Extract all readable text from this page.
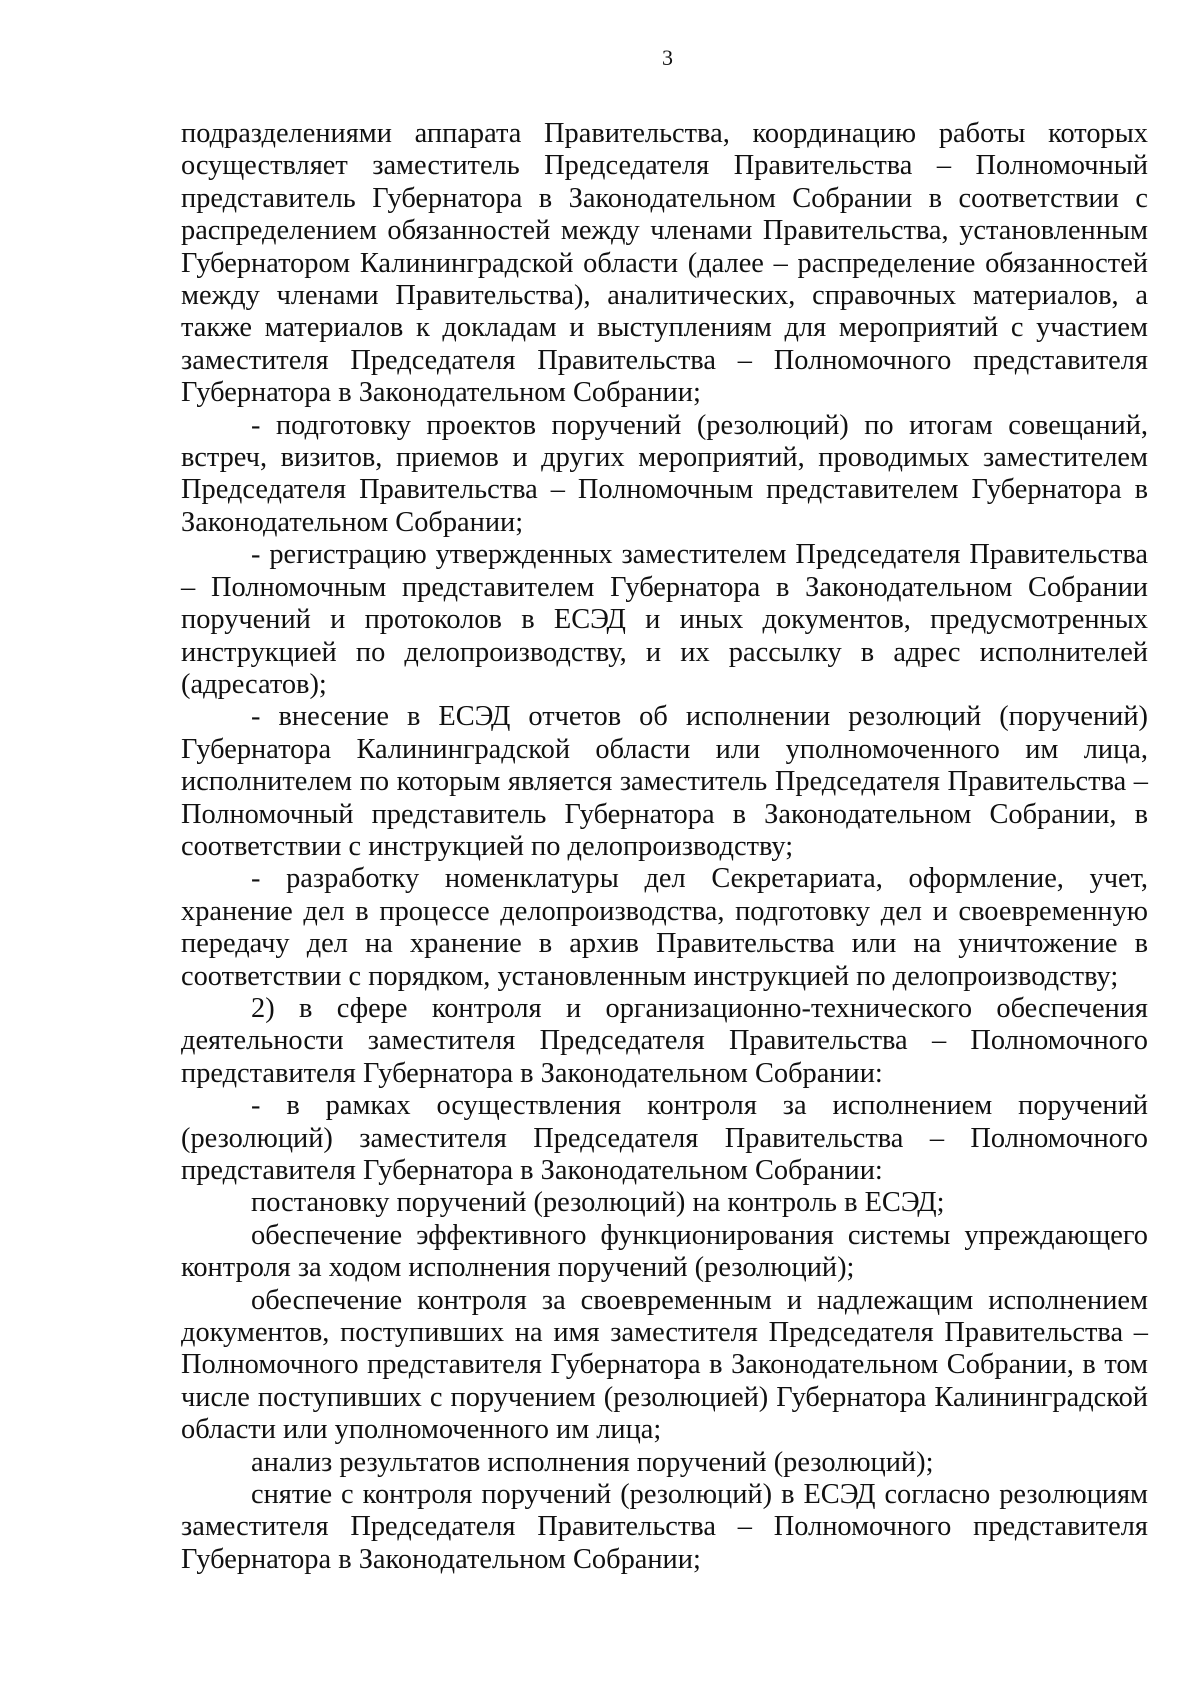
3

подразделениями аппарата Правительства, координацию работы которых осуществляет заместитель Председателя Правительства – Полномочный представитель Губернатора в Законодательном Собрании в соответствии с распределением обязанностей между членами Правительства, установленным Губернатором Калининградской области (далее – распределение обязанностей между членами Правительства), аналитических, справочных материалов, а также материалов к докладам и выступлениям для мероприятий с участием заместителя Председателя Правительства – Полномочного представителя Губернатора в Законодательном Собрании;

- подготовку проектов поручений (резолюций) по итогам совещаний, встреч, визитов, приемов и других мероприятий, проводимых заместителем Председателя Правительства – Полномочным представителем Губернатора в Законодательном Собрании;

- регистрацию утвержденных заместителем Председателя Правительства – Полномочным представителем Губернатора в Законодательном Собрании поручений и протоколов в ЕСЭД и иных документов, предусмотренных инструкцией по делопроизводству, и их рассылку в адрес исполнителей (адресатов);

- внесение в ЕСЭД отчетов об исполнении резолюций (поручений) Губернатора Калининградской области или уполномоченного им лица, исполнителем по которым является заместитель Председателя Правительства – Полномочный представитель Губернатора в Законодательном Собрании, в соответствии с инструкцией по делопроизводству;

- разработку номенклатуры дел Секретариата, оформление, учет, хранение дел в процессе делопроизводства, подготовку дел и своевременную передачу дел на хранение в архив Правительства или на уничтожение в соответствии с порядком, установленным инструкцией по делопроизводству;

2) в сфере контроля и организационно-технического обеспечения деятельности заместителя Председателя Правительства – Полномочного представителя Губернатора в Законодательном Собрании:

- в рамках осуществления контроля за исполнением поручений (резолюций) заместителя Председателя Правительства – Полномочного представителя Губернатора в Законодательном Собрании:

постановку поручений (резолюций) на контроль в ЕСЭД;

обеспечение эффективного функционирования системы упреждающего контроля за ходом исполнения поручений (резолюций);

обеспечение контроля за своевременным и надлежащим исполнением документов, поступивших на имя заместителя Председателя Правительства – Полномочного представителя Губернатора в Законодательном Собрании, в том числе поступивших с поручением (резолюцией) Губернатора Калининградской области или уполномоченного им лица;

анализ результатов исполнения поручений (резолюций);

снятие с контроля поручений (резолюций) в ЕСЭД согласно резолюциям заместителя Председателя Правительства – Полномочного представителя Губернатора в Законодательном Собрании;
